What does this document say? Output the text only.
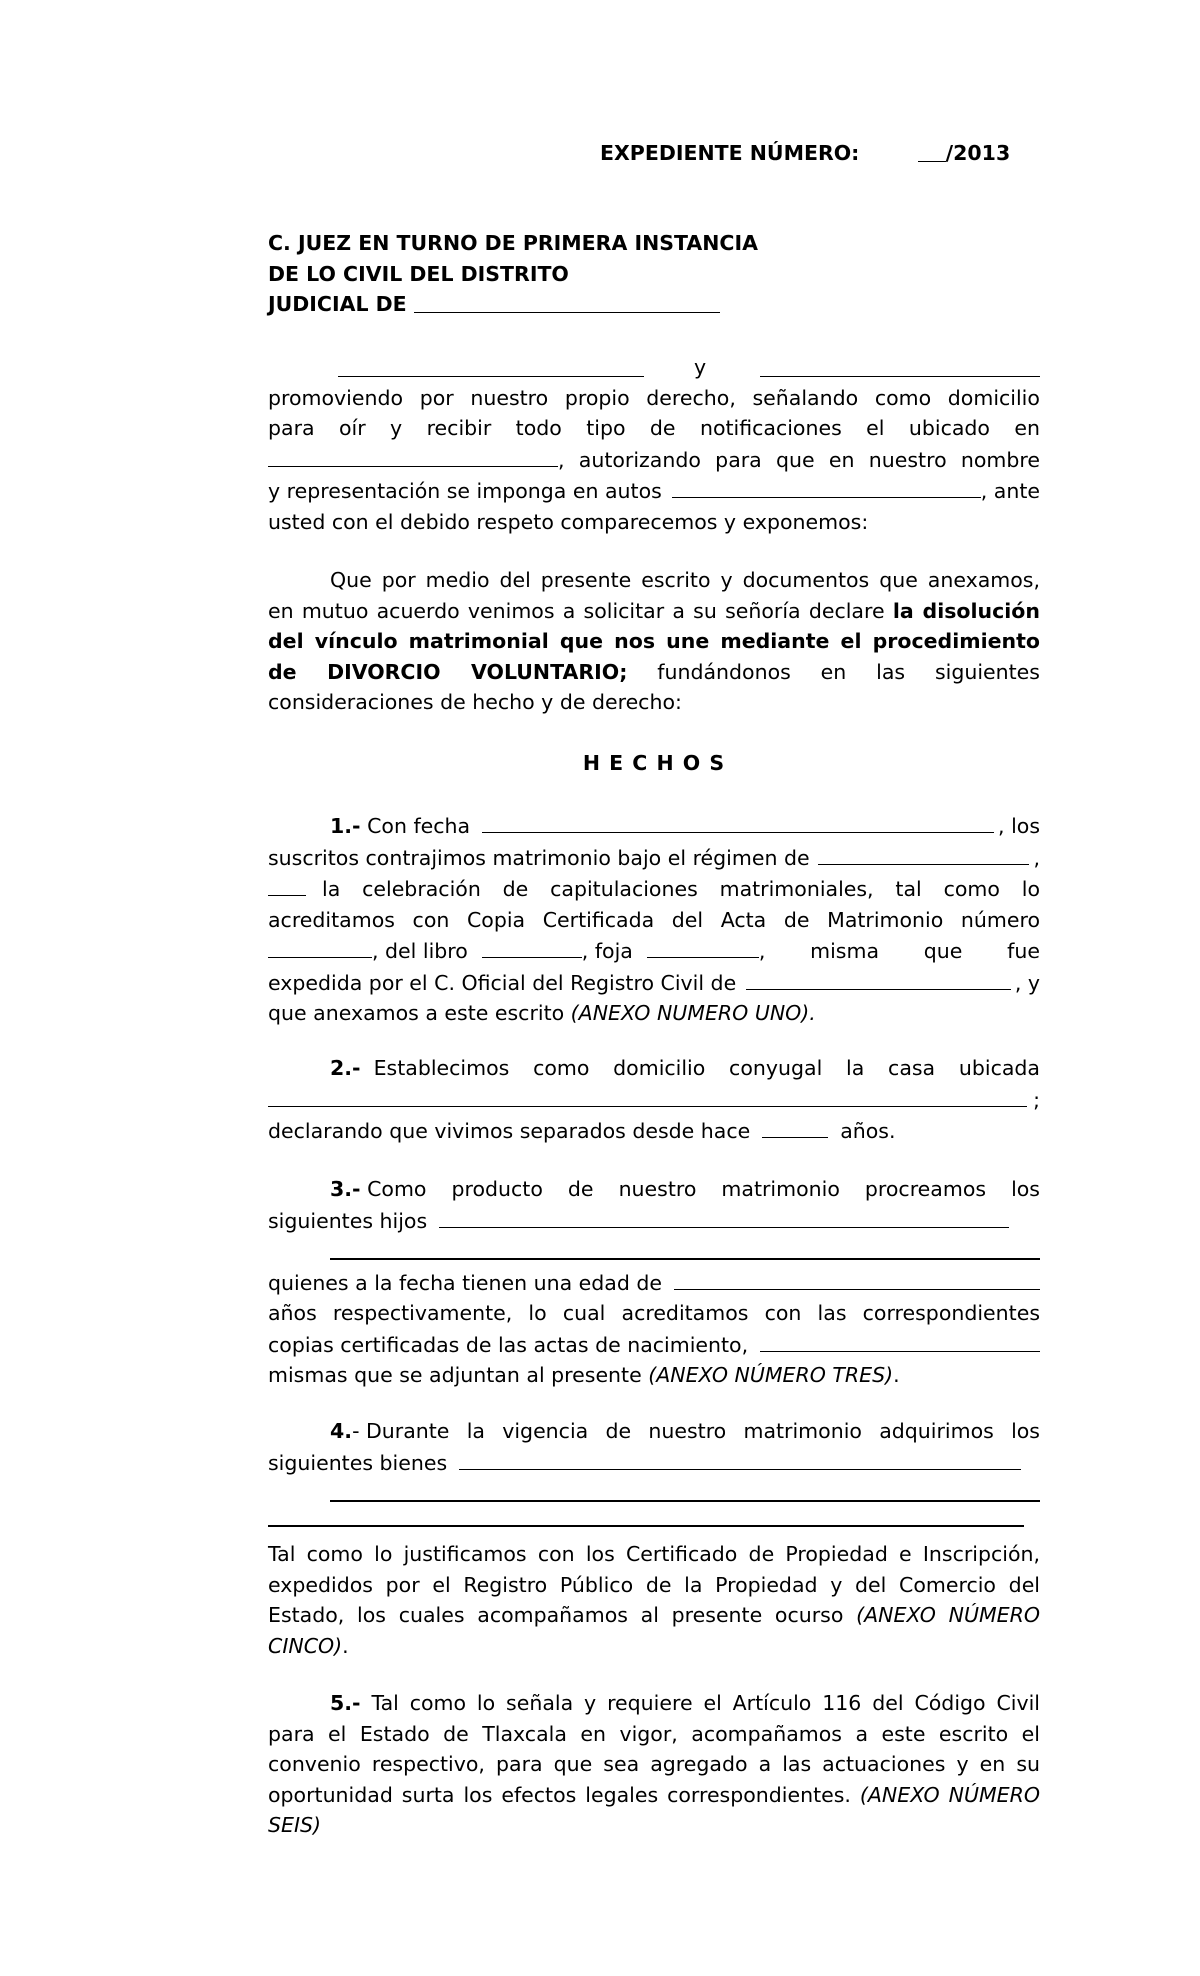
EXPEDIENTE NÚMERO:	/2013
C. JUEZ EN TURNO DE PRIMERA INSTANCIA
DE LO CIVIL DEL DISTRITO
JUDICIAL DE
y
promoviendo por nuestro propio derecho, señalando como domicilio
para oír y recibir todo tipo de notificaciones el ubicado en
, autorizando para que en nuestro nombre
y representación se imponga en autos	, ante
usted con el debido respeto comparecemos y exponemos:
Que por medio del presente escrito y documentos que anexamos, en mutuo acuerdo venimos a solicitar a su señoría declare la disolución del vínculo matrimonial que nos une mediante el procedimiento de DIVORCIO VOLUNTARIO; fundándonos en las siguientes consideraciones de hecho y de derecho:
H E C H O S
1.-
Con fecha	, los
suscritos contrajimos matrimonio bajo el régimen de	,
la celebración de capitulaciones matrimoniales, tal como lo
acreditamos con Copia Certificada del Acta de Matrimonio número
, del libro	, foja	, misma que fue
expedida por el C. Oficial del Registro Civil de	, y
que anexamos a este escrito (ANEXO NUMERO UNO).
2.-
Establecimos como domicilio conyugal la casa ubicada
;
declarando que vivimos separados desde hace	años.
3.-
Como producto de nuestro matrimonio procreamos los
siguientes hijos
quienes a la fecha tienen una edad de
años respectivamente, lo cual acreditamos con las correspondientes
copias certificadas de las actas de nacimiento,
mismas que se adjuntan al presente (ANEXO NÚMERO TRES).
4. -
Durante la vigencia de nuestro matrimonio adquirimos los
siguientes bienes
Tal como lo justificamos con los Certificado de Propiedad e Inscripción, expedidos por el Registro Público de la Propiedad y del Comercio del Estado, los cuales acompañamos al presente ocurso (ANEXO NÚMERO CINCO).
5.- Tal como lo señala y requiere el Artículo 116 del Código Civil para el Estado de Tlaxcala en vigor, acompañamos a este escrito el convenio respectivo, para que sea agregado a las actuaciones y en su oportunidad surta los efectos legales correspondientes. (ANEXO NÚMERO SEIS)
